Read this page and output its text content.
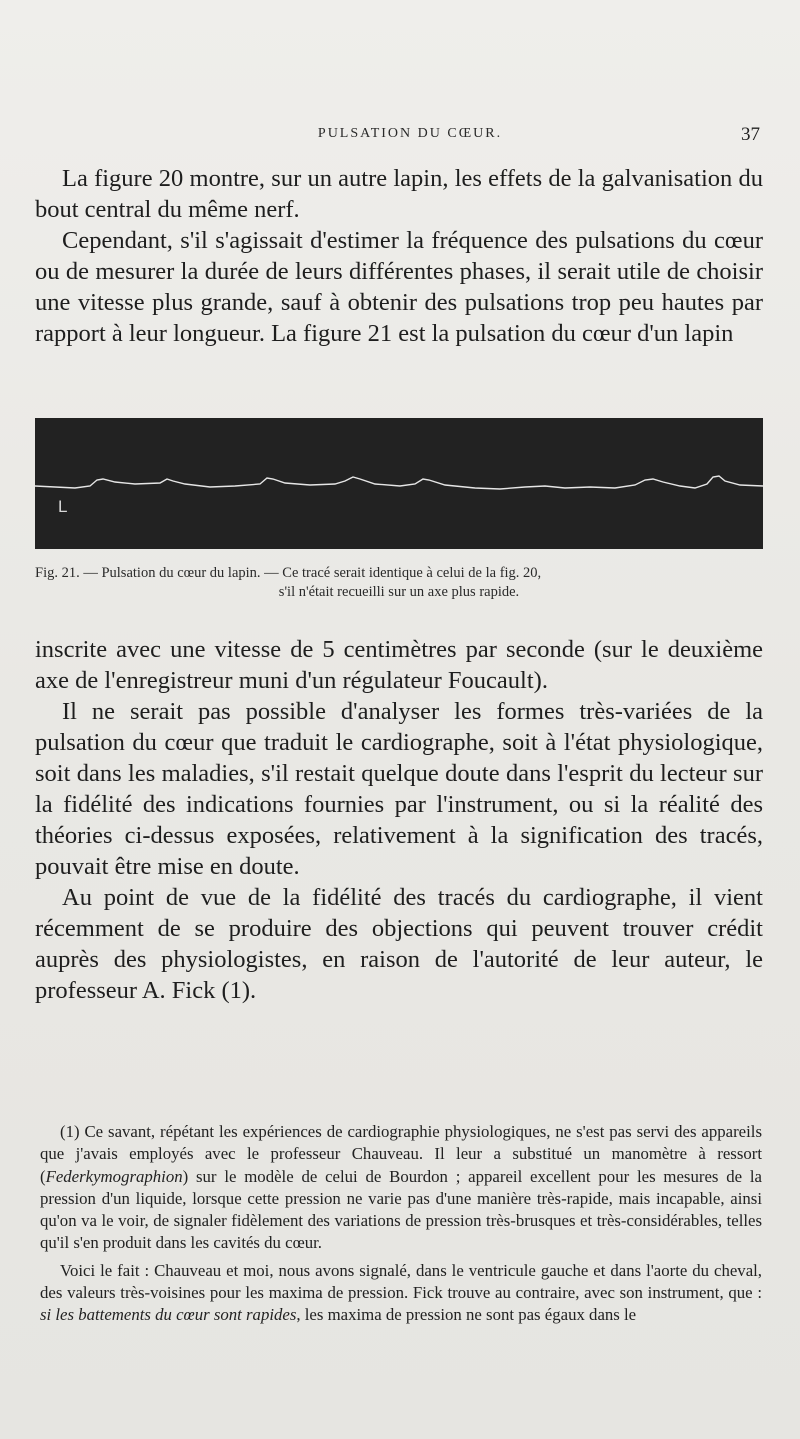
PULSATION DU CŒUR.	37

La figure 20 montre, sur un autre lapin, les effets de la galvanisation du bout central du même nerf.

Cependant, s'il s'agissait d'estimer la fréquence des pulsations du cœur ou de mesurer la durée de leurs différentes phases, il serait utile de choisir une vitesse plus grande, sauf à obtenir des pulsations trop peu hautes par rapport à leur longueur. La figure 21 est la pulsation du cœur d'un lapin

L
Fig. 21. — Pulsation du cœur du lapin. — Ce tracé serait identique à celui de la fig. 20,
s'il n'était recueilli sur un axe plus rapide.

inscrite avec une vitesse de 5 centimètres par seconde (sur le deuxième axe de l'enregistreur muni d'un régulateur Foucault).

Il ne serait pas possible d'analyser les formes très-variées de la pulsation du cœur que traduit le cardiographe, soit à l'état physiologique, soit dans les maladies, s'il restait quelque doute dans l'esprit du lecteur sur la fidélité des indications fournies par l'instrument, ou si la réalité des théories ci-dessus exposées, relativement à la signification des tracés, pouvait être mise en doute.

Au point de vue de la fidélité des tracés du cardiographe, il vient récemment de se produire des objections qui peuvent trouver crédit auprès des physiologistes, en raison de l'autorité de leur auteur, le professeur A. Fick (1).

(1) Ce savant, répétant les expériences de cardiographie physiologiques, ne s'est pas servi des appareils que j'avais employés avec le professeur Chauveau. Il leur a substitué un manomètre à ressort (Federkymographion) sur le modèle de celui de Bourdon ; appareil excellent pour les mesures de la pression d'un liquide, lorsque cette pression ne varie pas d'une manière très-rapide, mais incapable, ainsi qu'on va le voir, de signaler fidèlement des variations de pression très-brusques et très-considérables, telles qu'il s'en produit dans les cavités du cœur.

Voici le fait : Chauveau et moi, nous avons signalé, dans le ventricule gauche et dans l'aorte du cheval, des valeurs très-voisines pour les maxima de pression. Fick trouve au contraire, avec son instrument, que : si les battements du cœur sont rapides, les maxima de pression ne sont pas égaux dans le
